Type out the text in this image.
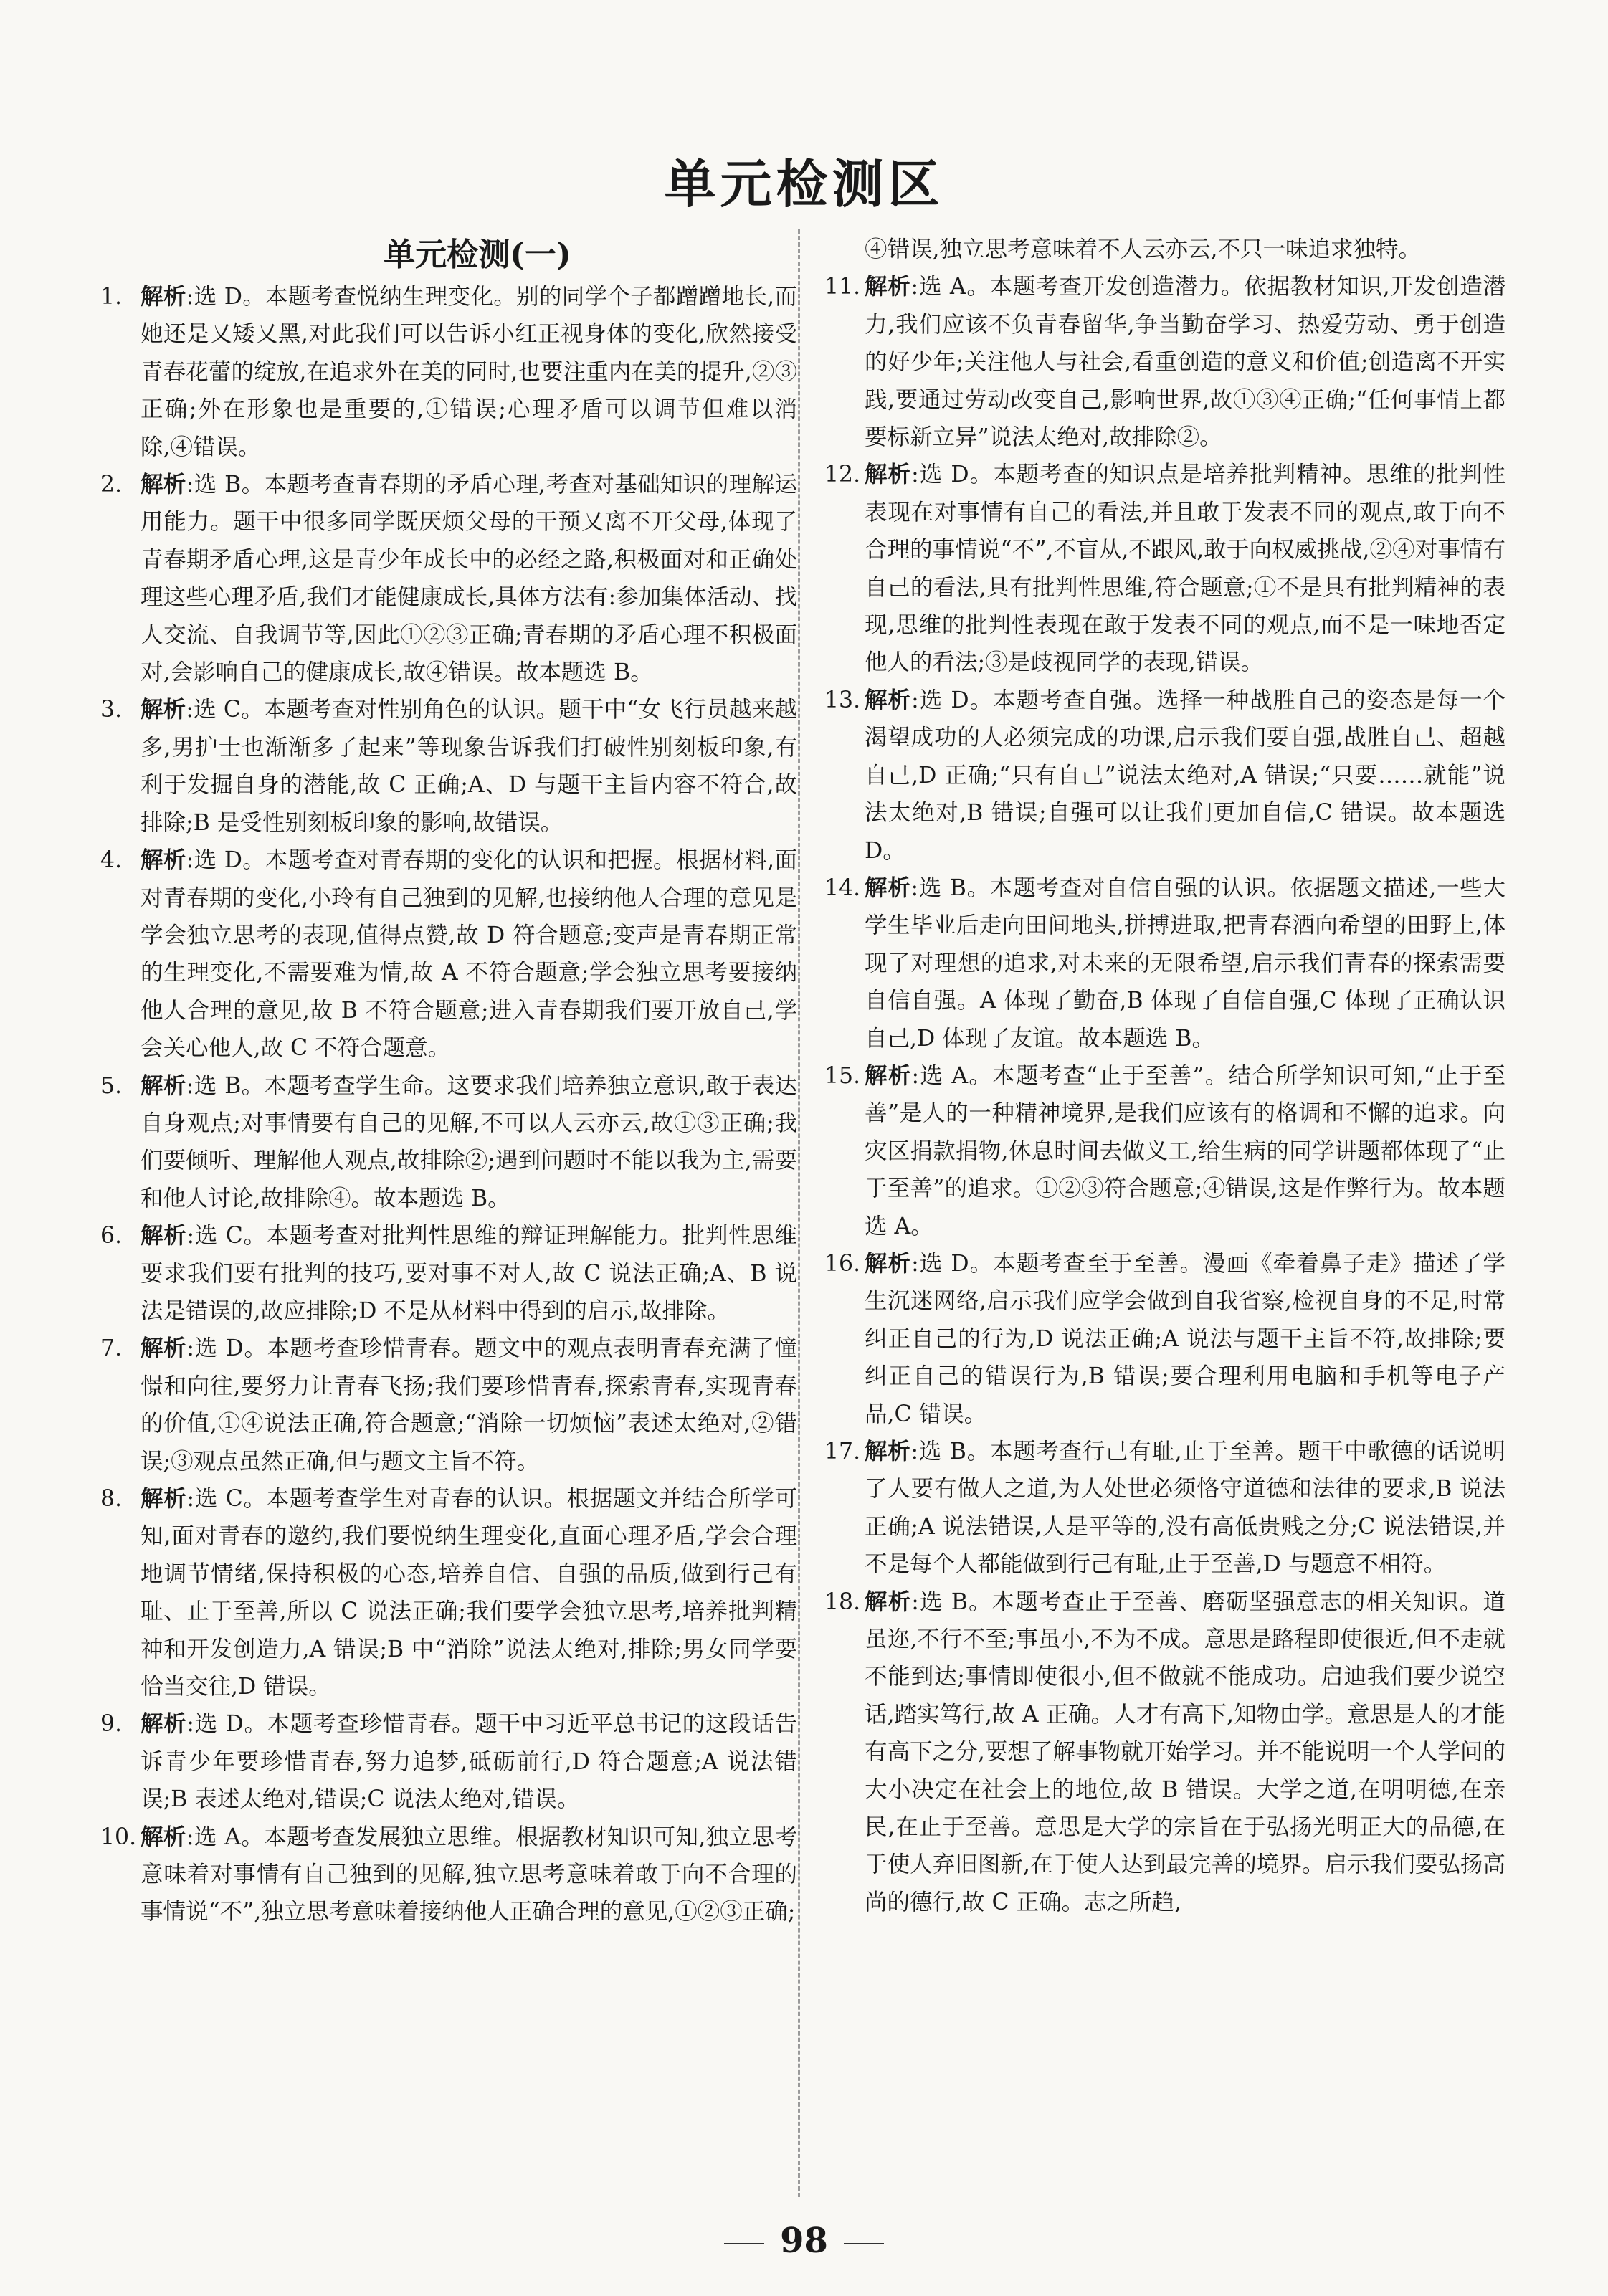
单元检测区
单元检测(一)
1. 解析:选 D。本题考查悦纳生理变化。别的同学个子都蹭蹭地长,而她还是又矮又黑,对此我们可以告诉小红正视身体的变化,欣然接受青春花蕾的绽放,在追求外在美的同时,也要注重内在美的提升,②③正确;外在形象也是重要的,①错误;心理矛盾可以调节但难以消除,④错误。
2. 解析:选 B。本题考查青春期的矛盾心理,考查对基础知识的理解运用能力。题干中很多同学既厌烦父母的干预又离不开父母,体现了青春期矛盾心理,这是青少年成长中的必经之路,积极面对和正确处理这些心理矛盾,我们才能健康成长,具体方法有:参加集体活动、找人交流、自我调节等,因此①②③正确;青春期的矛盾心理不积极面对,会影响自己的健康成长,故④错误。故本题选 B。
3. 解析:选 C。本题考查对性别角色的认识。题干中“女飞行员越来越多,男护士也渐渐多了起来”等现象告诉我们打破性别刻板印象,有利于发掘自身的潜能,故 C 正确;A、D 与题干主旨内容不符合,故排除;B 是受性别刻板印象的影响,故错误。
4. 解析:选 D。本题考查对青春期的变化的认识和把握。根据材料,面对青春期的变化,小玲有自己独到的见解,也接纳他人合理的意见是学会独立思考的表现,值得点赞,故 D 符合题意;变声是青春期正常的生理变化,不需要难为情,故 A 不符合题意;学会独立思考要接纳他人合理的意见,故 B 不符合题意;进入青春期我们要开放自己,学会关心他人,故 C 不符合题意。
5. 解析:选 B。本题考查学生命。这要求我们培养独立意识,敢于表达自身观点;对事情要有自己的见解,不可以人云亦云,故①③正确;我们要倾听、理解他人观点,故排除②;遇到问题时不能以我为主,需要和他人讨论,故排除④。故本题选 B。
6. 解析:选 C。本题考查对批判性思维的辩证理解能力。批判性思维要求我们要有批判的技巧,要对事不对人,故 C 说法正确;A、B 说法是错误的,故应排除;D 不是从材料中得到的启示,故排除。
7. 解析:选 D。本题考查珍惜青春。题文中的观点表明青春充满了憧憬和向往,要努力让青春飞扬;我们要珍惜青春,探索青春,实现青春的价值,①④说法正确,符合题意;“消除一切烦恼”表述太绝对,②错误;③观点虽然正确,但与题文主旨不符。
8. 解析:选 C。本题考查学生对青春的认识。根据题文并结合所学可知,面对青春的邀约,我们要悦纳生理变化,直面心理矛盾,学会合理地调节情绪,保持积极的心态,培养自信、自强的品质,做到行己有耻、止于至善,所以 C 说法正确;我们要学会独立思考,培养批判精神和开发创造力,A 错误;B 中“消除”说法太绝对,排除;男女同学要恰当交往,D 错误。
9. 解析:选 D。本题考查珍惜青春。题干中习近平总书记的这段话告诉青少年要珍惜青春,努力追梦,砥砺前行,D 符合题意;A 说法错误;B 表述太绝对,错误;C 说法太绝对,错误。
10. 解析:选 A。本题考查发展独立思维。根据教材知识可知,独立思考意味着对事情有自己独到的见解,独立思考意味着敢于向不合理的事情说“不”,独立思考意味着接纳他人正确合理的意见,①②③正确;
④错误,独立思考意味着不人云亦云,不只一味追求独特。
11. 解析:选 A。本题考查开发创造潜力。依据教材知识,开发创造潜力,我们应该不负青春留华,争当勤奋学习、热爱劳动、勇于创造的好少年;关注他人与社会,看重创造的意义和价值;创造离不开实践,要通过劳动改变自己,影响世界,故①③④正确;“任何事情上都要标新立异”说法太绝对,故排除②。
12. 解析:选 D。本题考查的知识点是培养批判精神。思维的批判性表现在对事情有自己的看法,并且敢于发表不同的观点,敢于向不合理的事情说“不”,不盲从,不跟风,敢于向权威挑战,②④对事情有自己的看法,具有批判性思维,符合题意;①不是具有批判精神的表现,思维的批判性表现在敢于发表不同的观点,而不是一味地否定他人的看法;③是歧视同学的表现,错误。
13. 解析:选 D。本题考查自强。选择一种战胜自己的姿态是每一个渴望成功的人必须完成的功课,启示我们要自强,战胜自己、超越自己,D 正确;“只有自己”说法太绝对,A 错误;“只要……就能”说法太绝对,B 错误;自强可以让我们更加自信,C 错误。故本题选 D。
14. 解析:选 B。本题考查对自信自强的认识。依据题文描述,一些大学生毕业后走向田间地头,拼搏进取,把青春洒向希望的田野上,体现了对理想的追求,对未来的无限希望,启示我们青春的探索需要自信自强。A 体现了勤奋,B 体现了自信自强,C 体现了正确认识自己,D 体现了友谊。故本题选 B。
15. 解析:选 A。本题考查“止于至善”。结合所学知识可知,“止于至善”是人的一种精神境界,是我们应该有的格调和不懈的追求。向灾区捐款捐物,休息时间去做义工,给生病的同学讲题都体现了“止于至善”的追求。①②③符合题意;④错误,这是作弊行为。故本题选 A。
16. 解析:选 D。本题考查至于至善。漫画《牵着鼻子走》描述了学生沉迷网络,启示我们应学会做到自我省察,检视自身的不足,时常纠正自己的行为,D 说法正确;A 说法与题干主旨不符,故排除;要纠正自己的错误行为,B 错误;要合理利用电脑和手机等电子产品,C 错误。
17. 解析:选 B。本题考查行己有耻,止于至善。题干中歌德的话说明了人要有做人之道,为人处世必须恪守道德和法律的要求,B 说法正确;A 说法错误,人是平等的,没有高低贵贱之分;C 说法错误,并不是每个人都能做到行己有耻,止于至善,D 与题意不相符。
18. 解析:选 B。本题考查止于至善、磨砺坚强意志的相关知识。道虽迩,不行不至;事虽小,不为不成。意思是路程即使很近,但不走就不能到达;事情即使很小,但不做就不能成功。启迪我们要少说空话,踏实笃行,故 A 正确。人才有高下,知物由学。意思是人的才能有高下之分,要想了解事物就开始学习。并不能说明一个人学问的大小决定在社会上的地位,故 B 错误。大学之道,在明明德,在亲民,在止于至善。意思是大学的宗旨在于弘扬光明正大的品德,在于使人弃旧图新,在于使人达到最完善的境界。启示我们要弘扬高尚的德行,故 C 正确。志之所趋,
98
